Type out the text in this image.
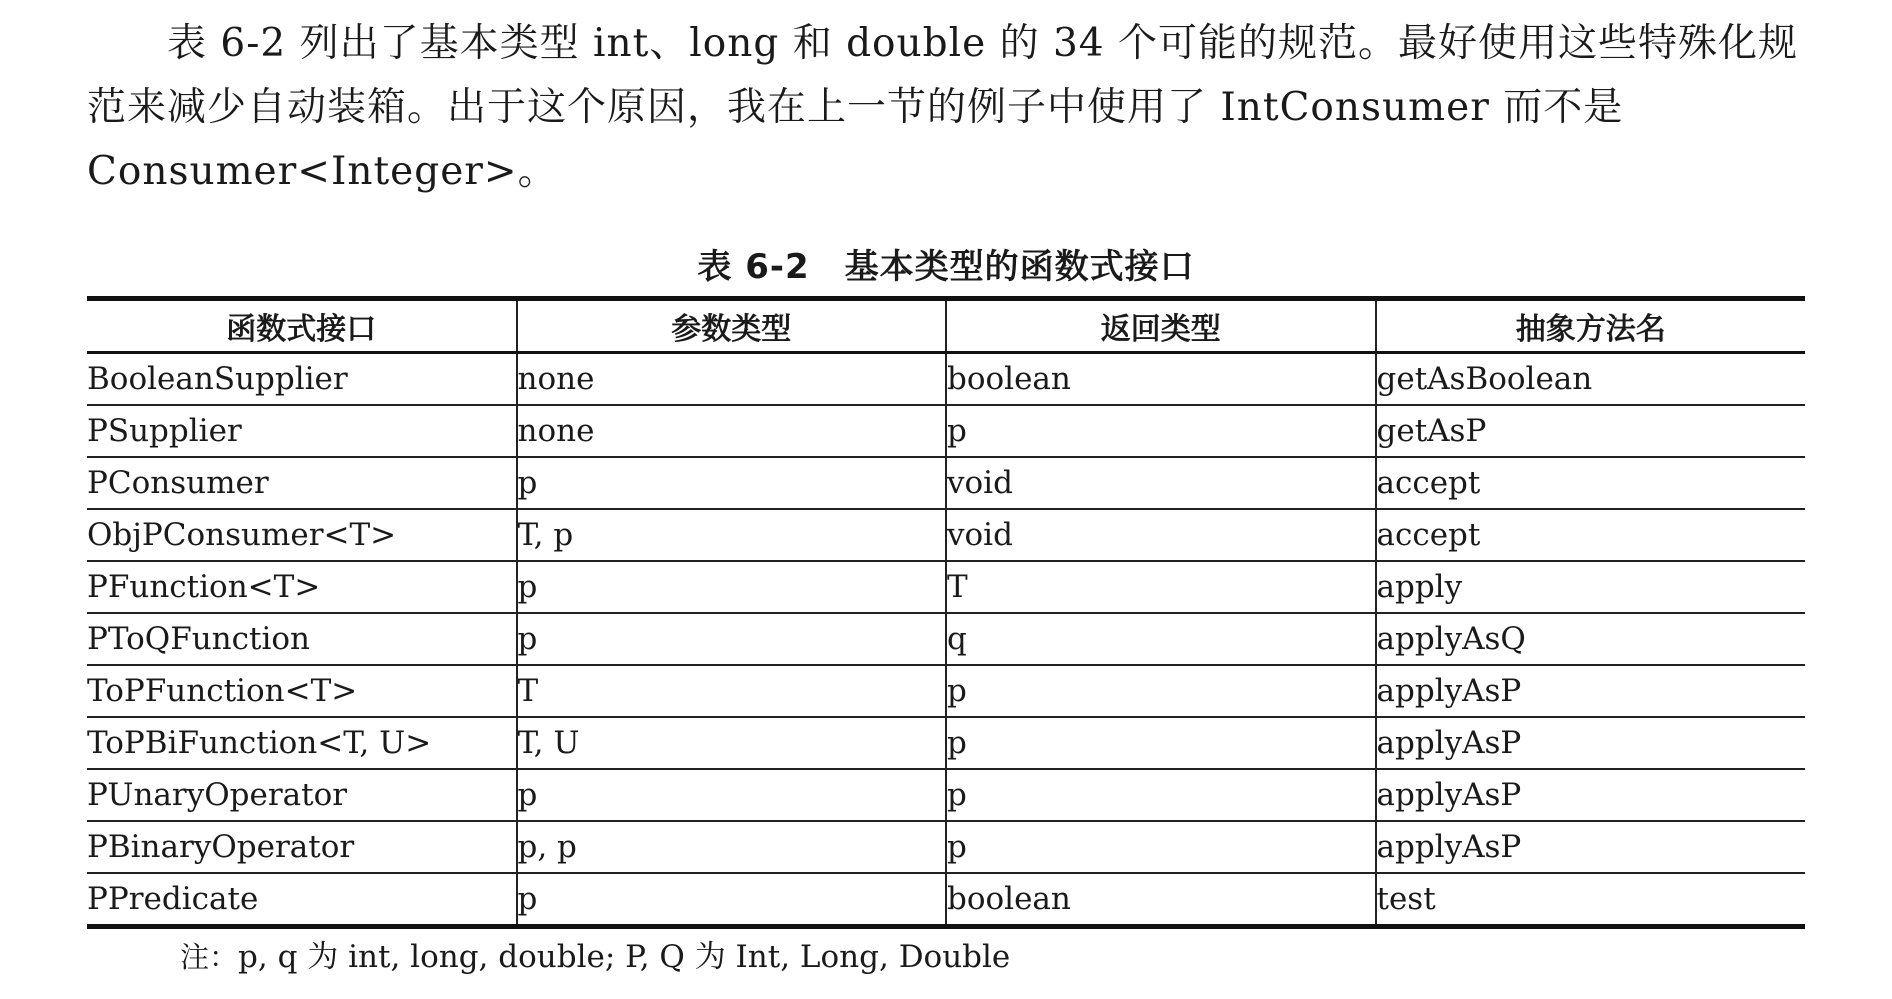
表 6-2 列出了基本类型 int、long 和 double 的 34 个可能的规范。最好使用这些特殊化规范来减少自动装箱。出于这个原因，我在上一节的例子中使用了 IntConsumer 而不是 Consumer<Integer>。

表 6-2　基本类型的函数式接口
函数式接口	参数类型	返回类型	抽象方法名
BooleanSupplier	none	boolean	getAsBoolean
PSupplier	none	p	getAsP
PConsumer	p	void	accept
ObjPConsumer<T>	T, p	void	accept
PFunction<T>	p	T	apply
PToQFunction	p	q	applyAsQ
ToPFunction<T>	T	p	applyAsP
ToPBiFunction<T, U>	T, U	p	applyAsP
PUnaryOperator	p	p	applyAsP
PBinaryOperator	p, p	p	applyAsP
PPredicate	p	boolean	test

注：p, q 为 int, long, double; P, Q 为 Int, Long, Double
